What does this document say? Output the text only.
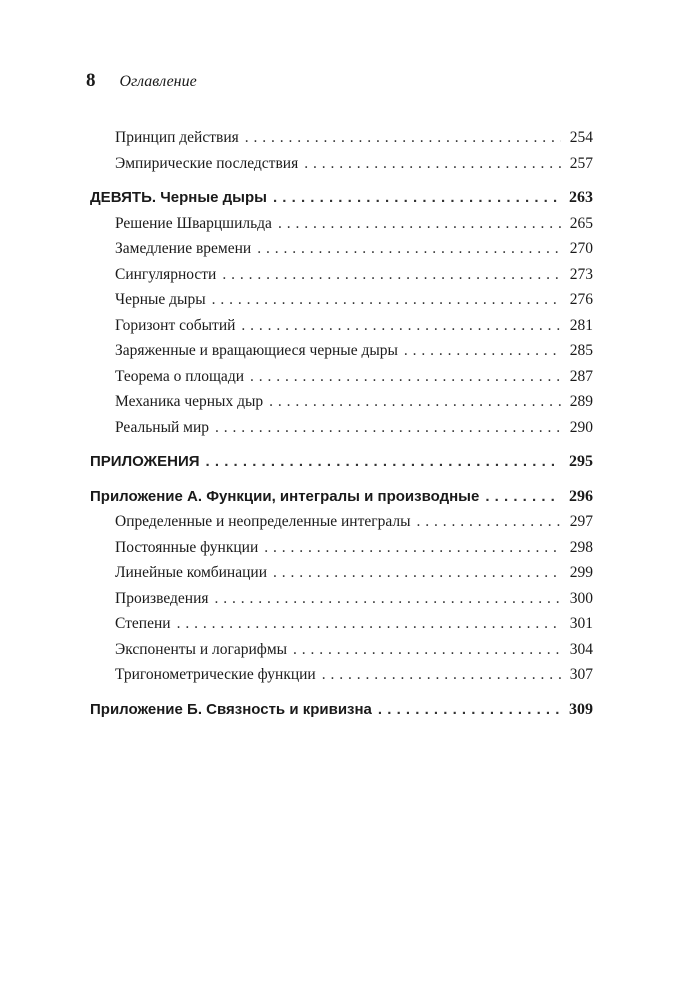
8 Оглавление
Принцип действия . . .	254
Эмпирические последствия . . .	257
ДЕВЯТЬ. Черные дыры . . .	263
Решение Шварцшильда . . .	265
Замедление времени . . .	270
Сингулярности . . .	273
Черные дыры . . .	276
Горизонт событий . . .	281
Заряженные и вращающиеся черные дыры . . .	285
Теорема о площади . . .	287
Механика черных дыр . . .	289
Реальный мир . . .	290
ПРИЛОЖЕНИЯ . . .	295
Приложение А. Функции, интегралы и производные . . .	296
Определенные и неопределенные интегралы . . .	297
Постоянные функции . . .	298
Линейные комбинации . . .	299
Произведения . . .	300
Степени . . .	301
Экспоненты и логарифмы . . .	304
Тригонометрические функции . . .	307
Приложение Б. Связность и кривизна . . .	309
